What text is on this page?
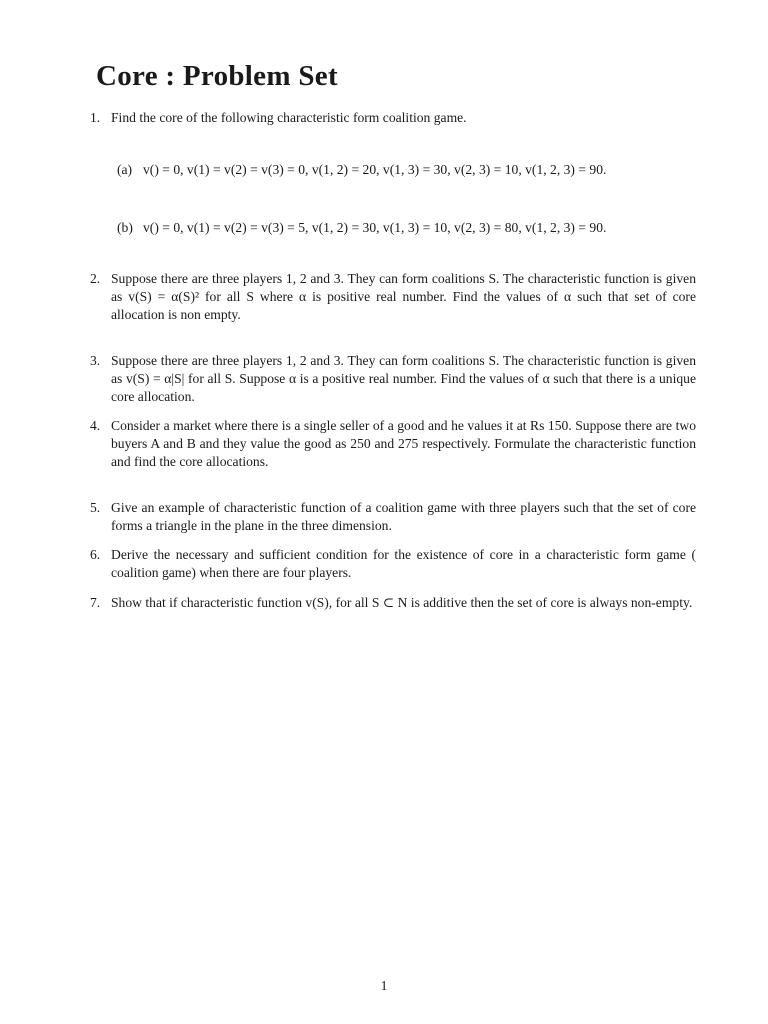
Core : Problem Set
1. Find the core of the following characteristic form coalition game.
(a) v() = 0, v(1) = v(2) = v(3) = 0, v(1, 2) = 20, v(1, 3) = 30, v(2, 3) = 10, v(1, 2, 3) = 90.
(b) v() = 0, v(1) = v(2) = v(3) = 5, v(1, 2) = 30, v(1, 3) = 10, v(2, 3) = 80, v(1, 2, 3) = 90.
2. Suppose there are three players 1, 2 and 3. They can form coalitions S. The characteristic function is given as v(S) = α(S)² for all S where α is positive real number. Find the values of α such that set of core allocation is non empty.
3. Suppose there are three players 1, 2 and 3. They can form coalitions S. The characteristic function is given as v(S) = α|S| for all S. Suppose α is a positive real number. Find the values of α such that there is a unique core allocation.
4. Consider a market where there is a single seller of a good and he values it at Rs 150. Suppose there are two buyers A and B and they value the good as 250 and 275 respectively. Formulate the characteristic function and find the core allocations.
5. Give an example of characteristic function of a coalition game with three players such that the set of core forms a triangle in the plane in the three dimension.
6. Derive the necessary and sufficient condition for the existence of core in a characteristic form game ( coalition game) when there are four players.
7. Show that if characteristic function v(S), for all S ⊂ N is additive then the set of core is always non-empty.
1
